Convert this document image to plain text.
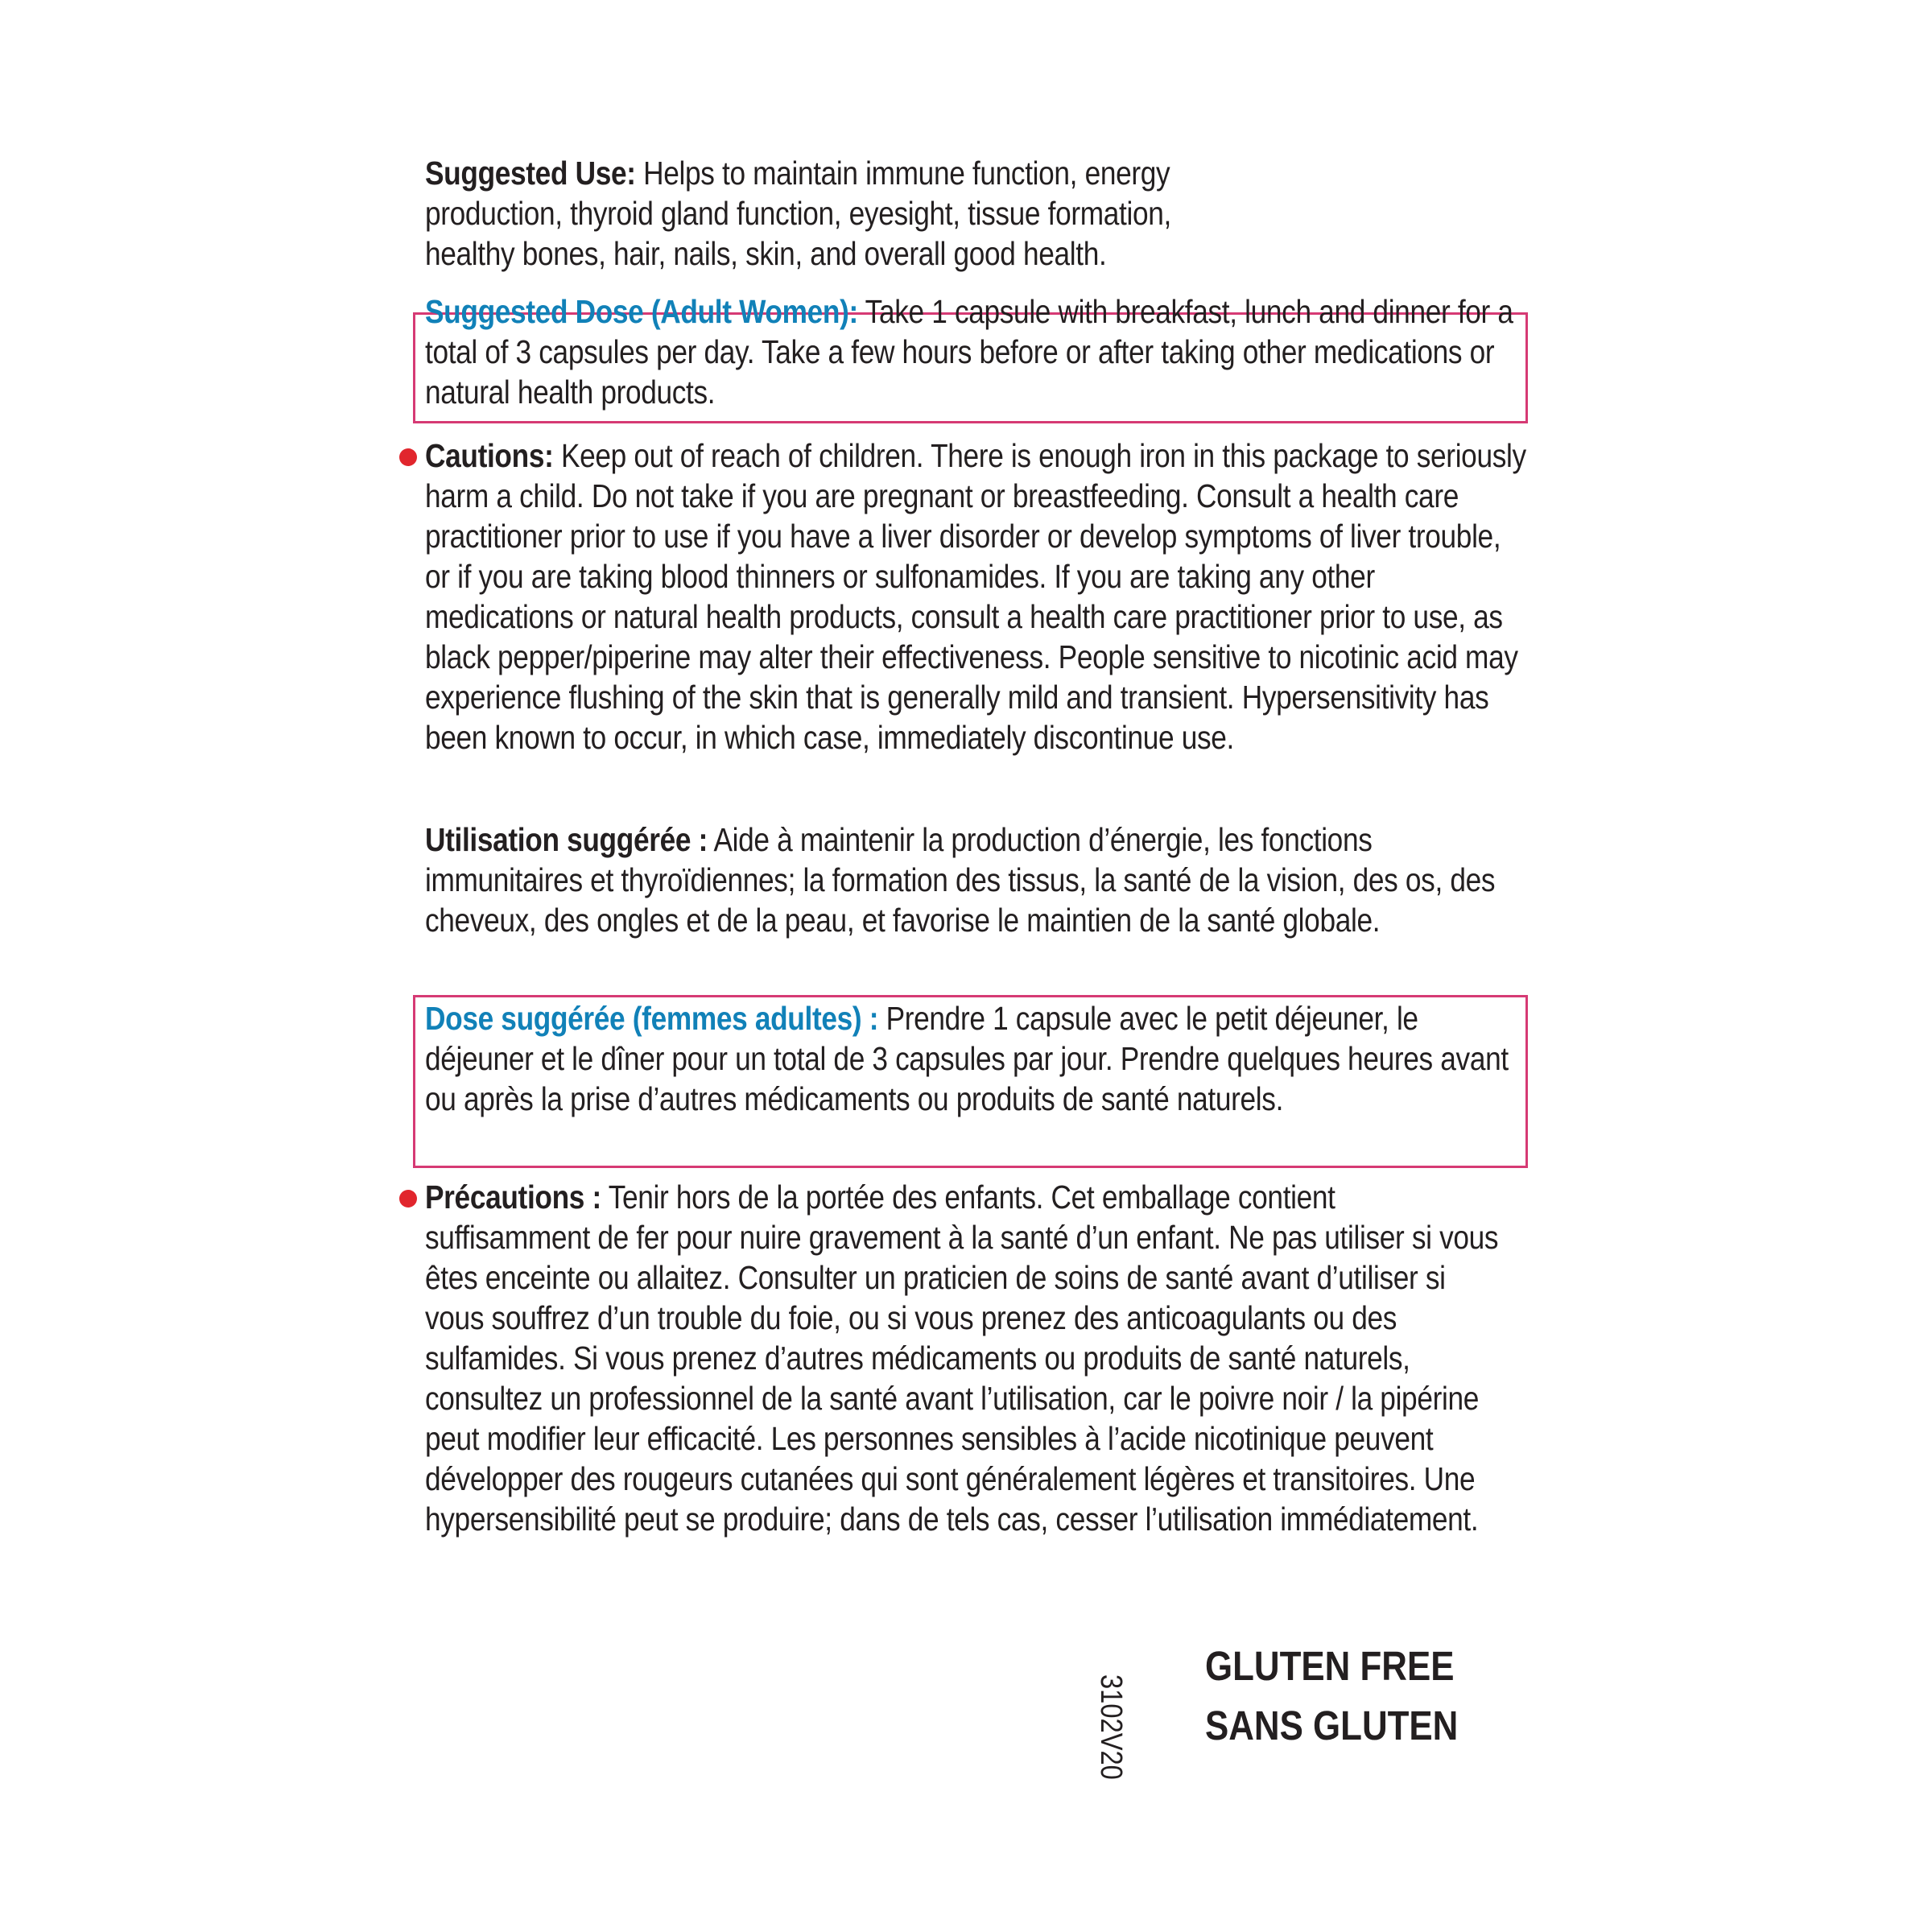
Suggested Use: Helps to maintain immune function, energy production, thyroid gland function, eyesight, tissue formation, healthy bones, hair, nails, skin, and overall good health.
Suggested Dose (Adult Women): Take 1 capsule with breakfast, lunch and dinner for a total of 3 capsules per day. Take a few hours before or after taking other medications or natural health products.
Cautions: Keep out of reach of children. There is enough iron in this package to seriously harm a child. Do not take if you are pregnant or breastfeeding. Consult a health care practitioner prior to use if you have a liver disorder or develop symptoms of liver trouble, or if you are taking blood thinners or sulfonamides. If you are taking any other medications or natural health products, consult a health care practitioner prior to use, as black pepper/piperine may alter their effectiveness. People sensitive to nicotinic acid may experience flushing of the skin that is generally mild and transient. Hypersensitivity has been known to occur, in which case, immediately discontinue use.
Utilisation suggérée : Aide à maintenir la production d’énergie, les fonctions immunitaires et thyroïdiennes; la formation des tissus, la santé de la vision, des os, des cheveux, des ongles et de la peau, et favorise le maintien de la santé globale.
Dose suggérée (femmes adultes) : Prendre 1 capsule avec le petit déjeuner, le déjeuner et le dîner pour un total de 3 capsules par jour. Prendre quelques heures avant ou après la prise d’autres médicaments ou produits de santé naturels.
Précautions : Tenir hors de la portée des enfants. Cet emballage contient suffisamment de fer pour nuire gravement à la santé d’un enfant. Ne pas utiliser si vous êtes enceinte ou allaitez. Consulter un praticien de soins de santé avant d’utiliser si vous souffrez d’un trouble du foie, ou si vous prenez des anticoagulants ou des sulfamides. Si vous prenez d’autres médicaments ou produits de santé naturels, consultez un professionnel de la santé avant l’utilisation, car le poivre noir / la pipérine peut modifier leur efficacité. Les personnes sensibles à l’acide nicotinique peuvent développer des rougeurs cutanées qui sont généralement légères et transitoires. Une hypersensibilité peut se produire; dans de tels cas, cesser l’utilisation immédiatement.
GLUTEN FREE
SANS GLUTEN
3102V20
